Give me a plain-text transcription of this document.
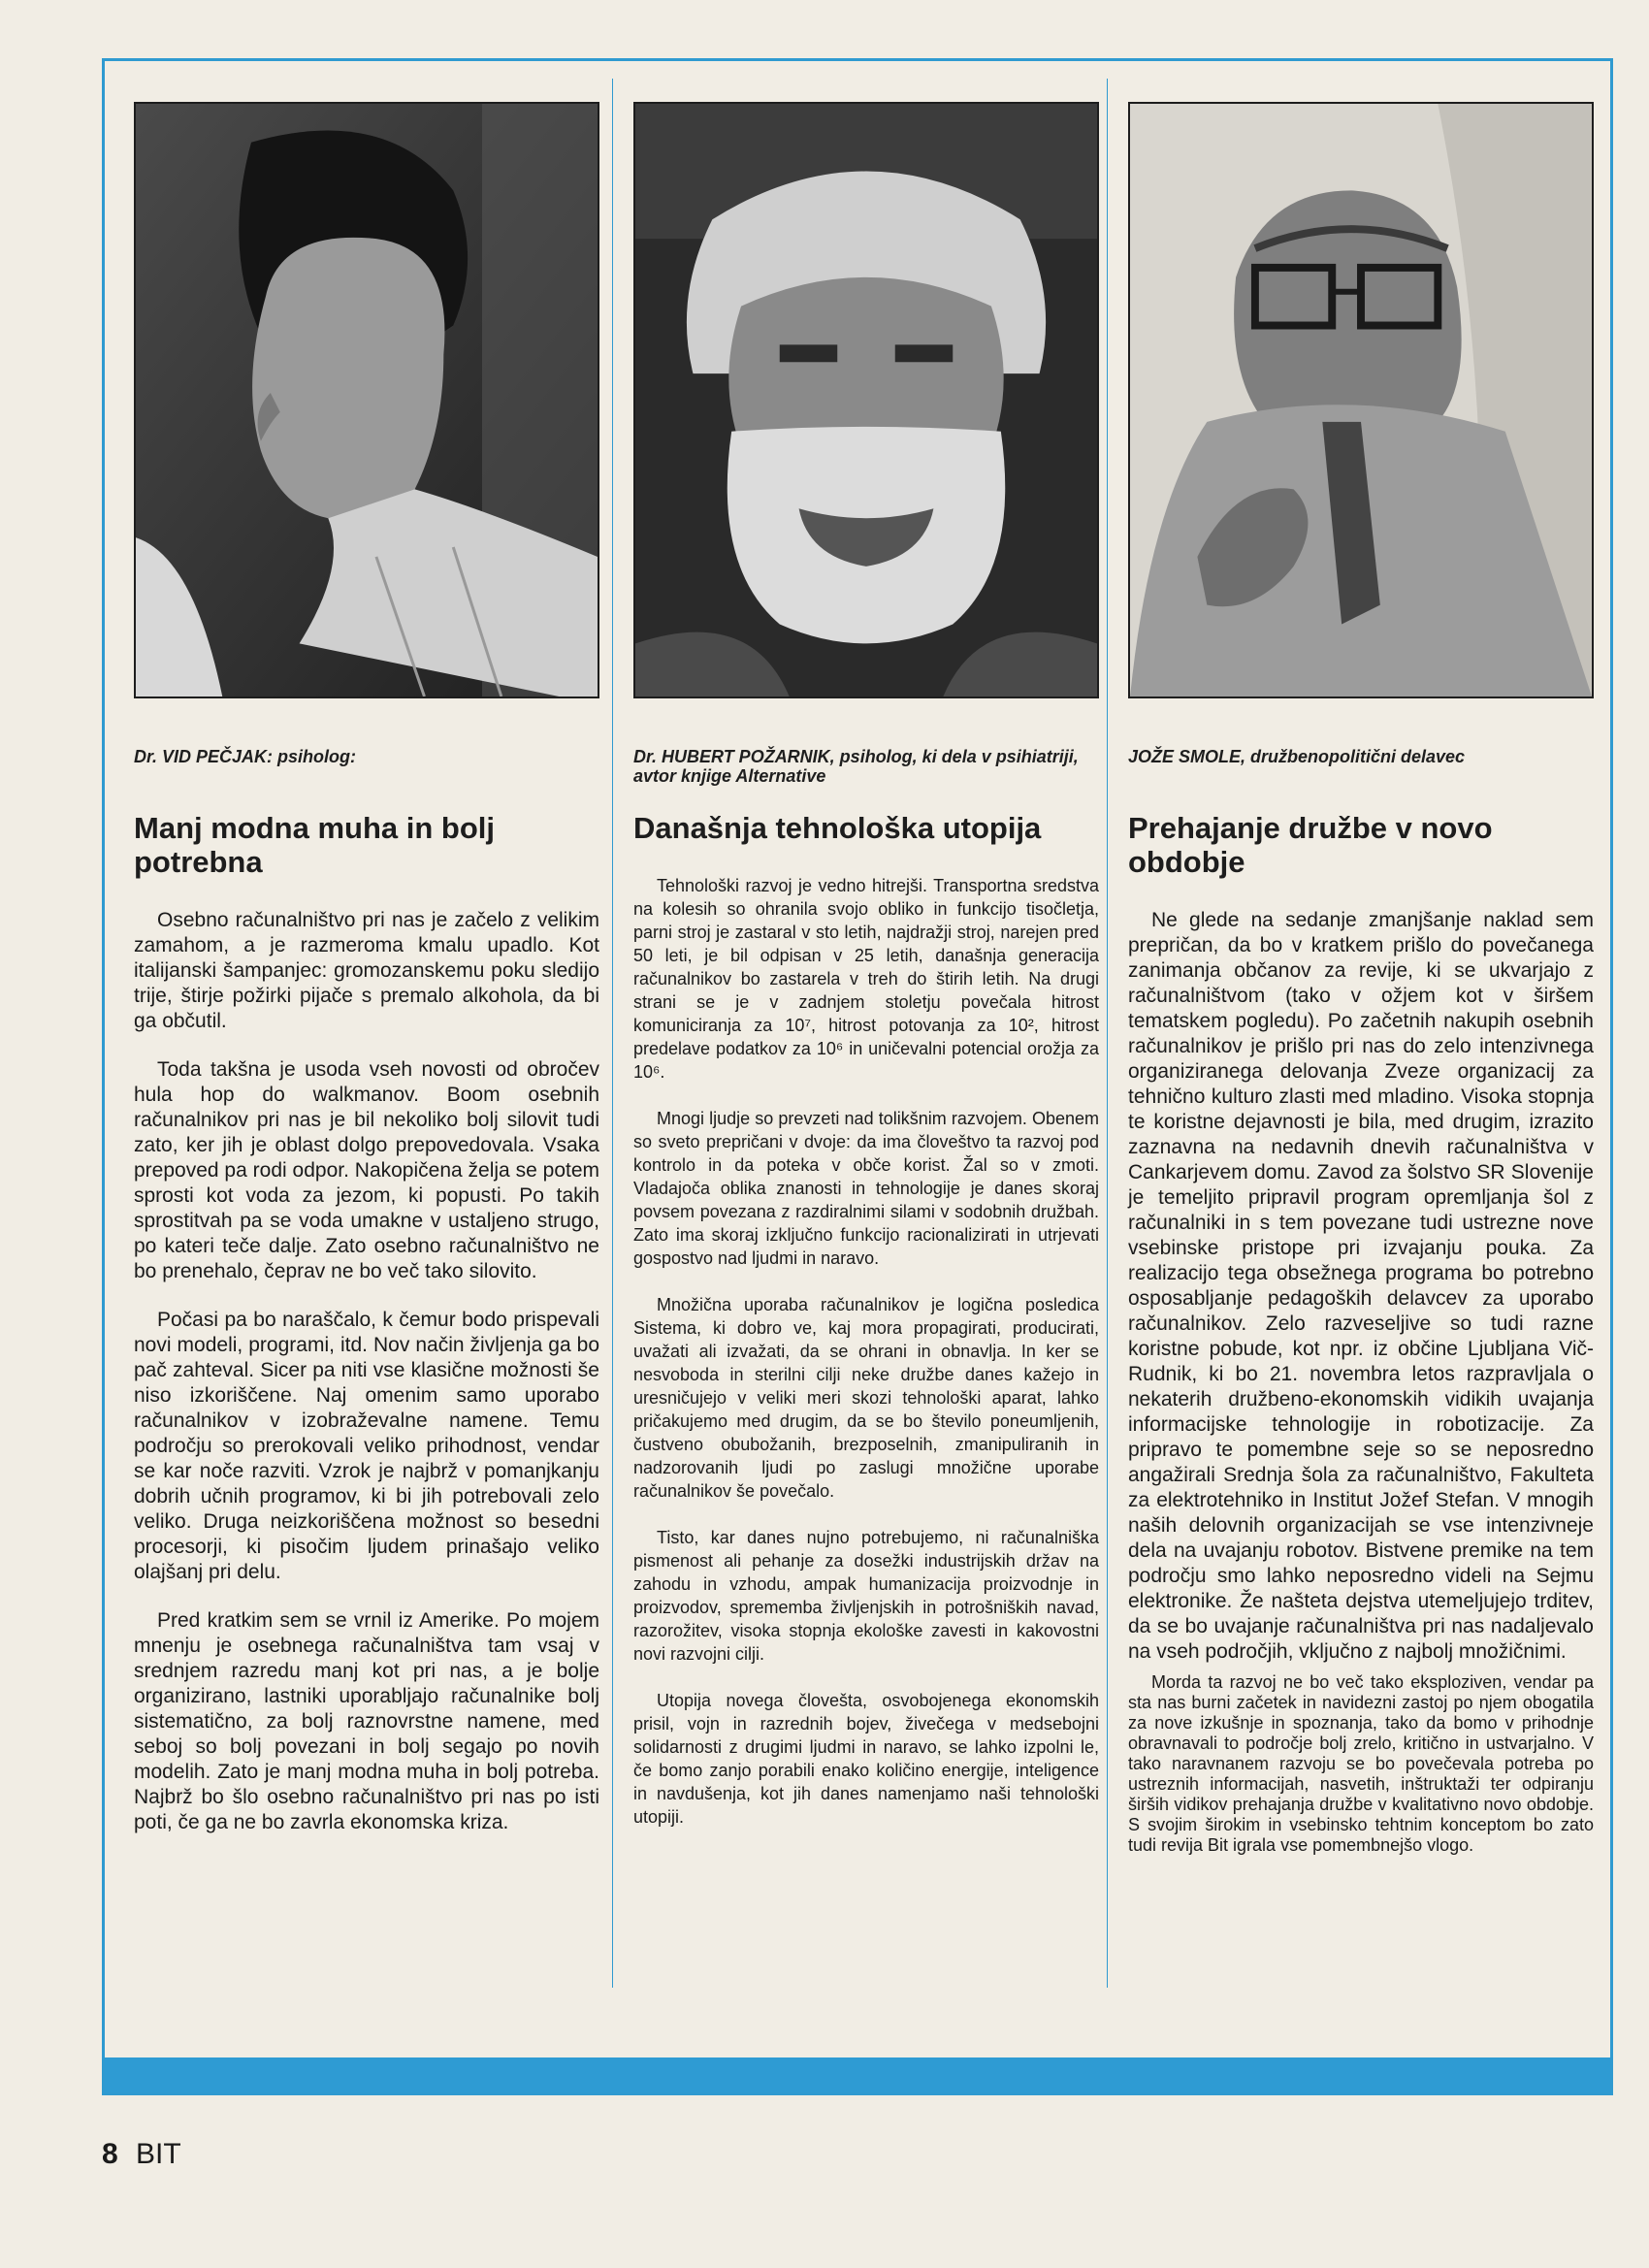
Dr. VID PEČJAK: psiholog:
Manj modna muha in bolj potrebna

Osebno računalništvo pri nas je začelo z velikim zamahom, a je razmeroma kmalu upadlo. Kot italijanski šampanjec: gromozanskemu poku sledijo trije, štirje požirki pijače s premalo alkohola, da bi ga občutil.

Toda takšna je usoda vseh novosti od obročev hula hop do walkmanov. Boom osebnih računalnikov pri nas je bil nekoliko bolj silovit tudi zato, ker jih je oblast dolgo prepovedovala. Vsaka prepoved pa rodi odpor. Nakopičena želja se potem sprosti kot voda za jezom, ki popusti. Po takih sprostitvah pa se voda umakne v ustaljeno strugo, po kateri teče dalje. Zato osebno računalništvo ne bo prenehalo, čeprav ne bo več tako silovito.

Počasi pa bo naraščalo, k čemur bodo prispevali novi modeli, programi, itd. Nov način življenja ga bo pač zahteval. Sicer pa niti vse klasične možnosti še niso izkoriščene. Naj omenim samo uporabo računalnikov v izobraževalne namene. Temu področju so prerokovali veliko prihodnost, vendar se kar noče razviti. Vzrok je najbrž v pomanjkanju dobrih učnih programov, ki bi jih potrebovali zelo veliko. Druga neizkoriščena možnost so besedni procesorji, ki pisočim ljudem prinašajo veliko olajšanj pri delu.

Pred kratkim sem se vrnil iz Amerike. Po mojem mnenju je osebnega računalništva tam vsaj v srednjem razredu manj kot pri nas, a je bolje organizirano, lastniki uporabljajo računalnike bolj sistematično, za bolj raznovrstne namene, med seboj so bolj povezani in bolj segajo po novih modelih. Zato je manj modna muha in bolj potreba. Najbrž bo šlo osebno računalništvo pri nas po isti poti, če ga ne bo zavrla ekonomska kriza.

Dr. HUBERT POŽARNIK, psiholog, ki dela v psihiatriji, avtor knjige Alternative
Današnja tehnološka utopija

Tehnološki razvoj je vedno hitrejši. Transportna sredstva na kolesih so ohranila svojo obliko in funkcijo tisočletja, parni stroj je zastaral v sto letih, najdražji stroj, narejen pred 50 leti, je bil odpisan v 25 letih, današnja generacija računalnikov bo zastarela v treh do štirih letih. Na drugi strani se je v zadnjem stoletju povečala hitrost komuniciranja za 10⁷, hitrost potovanja za 10², hitrost predelave podatkov za 10⁶ in uničevalni potencial orožja za 10⁶.

Mnogi ljudje so prevzeti nad tolikšnim razvojem. Obenem so sveto prepričani v dvoje: da ima človeštvo ta razvoj pod kontrolo in da poteka v obče korist. Žal so v zmoti. Vladajoča oblika znanosti in tehnologije je danes skoraj povsem povezana z razdiralnimi silami v sodobnih družbah. Zato ima skoraj izključno funkcijo racionalizirati in utrjevati gospostvo nad ljudmi in naravo.

Množična uporaba računalnikov je logična posledica Sistema, ki dobro ve, kaj mora propagirati, producirati, uvažati ali izvažati, da se ohrani in obnavlja. In ker se nesvoboda in sterilni cilji neke družbe danes kažejo in uresničujejo v veliki meri skozi tehnološki aparat, lahko pričakujemo med drugim, da se bo število poneumljenih, čustveno obubožanih, brezposelnih, zmanipuliranih in nadzorovanih ljudi po zaslugi množične uporabe računalnikov še povečalo.

Tisto, kar danes nujno potrebujemo, ni računalniška pismenost ali pehanje za dosežki industrijskih držav na zahodu in vzhodu, ampak humanizacija proizvodnje in proizvodov, sprememba življenjskih in potrošniških navad, razorožitev, visoka stopnja ekološke zavesti in kakovostni novi razvojni cilji.

Utopija novega človešta, osvobojenega ekonomskih prisil, vojn in razrednih bojev, živečega v medsebojni solidarnosti z drugimi ljudmi in naravo, se lahko izpolni le, če bomo zanjo porabili enako količino energije, inteligence in navdušenja, kot jih danes namenjamo naši tehnološki utopiji.

JOŽE SMOLE, družbenopolitični delavec
Prehajanje družbe v novo obdobje

Ne glede na sedanje zmanjšanje naklad sem prepričan, da bo v kratkem prišlo do povečanega zanimanja občanov za revije, ki se ukvarjajo z računalništvom (tako v ožjem kot v širšem tematskem pogledu). Po začetnih nakupih osebnih računalnikov je prišlo pri nas do zelo intenzivnega organiziranega delovanja Zveze organizacij za tehnično kulturo zlasti med mladino. Visoka stopnja te koristne dejavnosti je bila, med drugim, izrazito zaznavna na nedavnih dnevih računalništva v Cankarjevem domu. Zavod za šolstvo SR Slovenije je temeljito pripravil program opremljanja šol z računalniki in s tem povezane tudi ustrezne nove vsebinske pristope pri izvajanju pouka. Za realizacijo tega obsežnega programa bo potrebno osposabljanje pedagoških delavcev za uporabo računalnikov. Zelo razveseljive so tudi razne koristne pobude, kot npr. iz občine Ljubljana Vič-Rudnik, ki bo 21. novembra letos razpravljala o nekaterih družbeno-ekonomskih vidikih uvajanja informacijske tehnologije in robotizacije. Za pripravo te pomembne seje so se neposredno angažirali Srednja šola za računalništvo, Fakulteta za elektrotehniko in Institut Jožef Stefan. V mnogih naših delovnih organizacijah se vse intenzivneje dela na uvajanju robotov. Bistvene premike na tem področju smo lahko neposredno videli na Sejmu elektronike. Že našteta dejstva utemeljujejo trditev, da se bo uvajanje računalništva pri nas nadaljevalo na vseh področjih, vključno z najbolj množičnimi.

Morda ta razvoj ne bo več tako eksploziven, vendar pa sta nas burni začetek in navidezni zastoj po njem obogatila za nove izkušnje in spoznanja, tako da bomo v prihodnje obravnavali to področje bolj zrelo, kritično in ustvarjalno. V tako naravnanem razvoju se bo povečevala potreba po ustreznih informacijah, nasvetih, inštruktaži ter odpiranju širših vidikov prehajanja družbe v kvalitativno novo obdobje. S svojim širokim in vsebinsko tehtnim konceptom bo zato tudi revija Bit igrala vse pomembnejšo vlogo.

8 BIT
